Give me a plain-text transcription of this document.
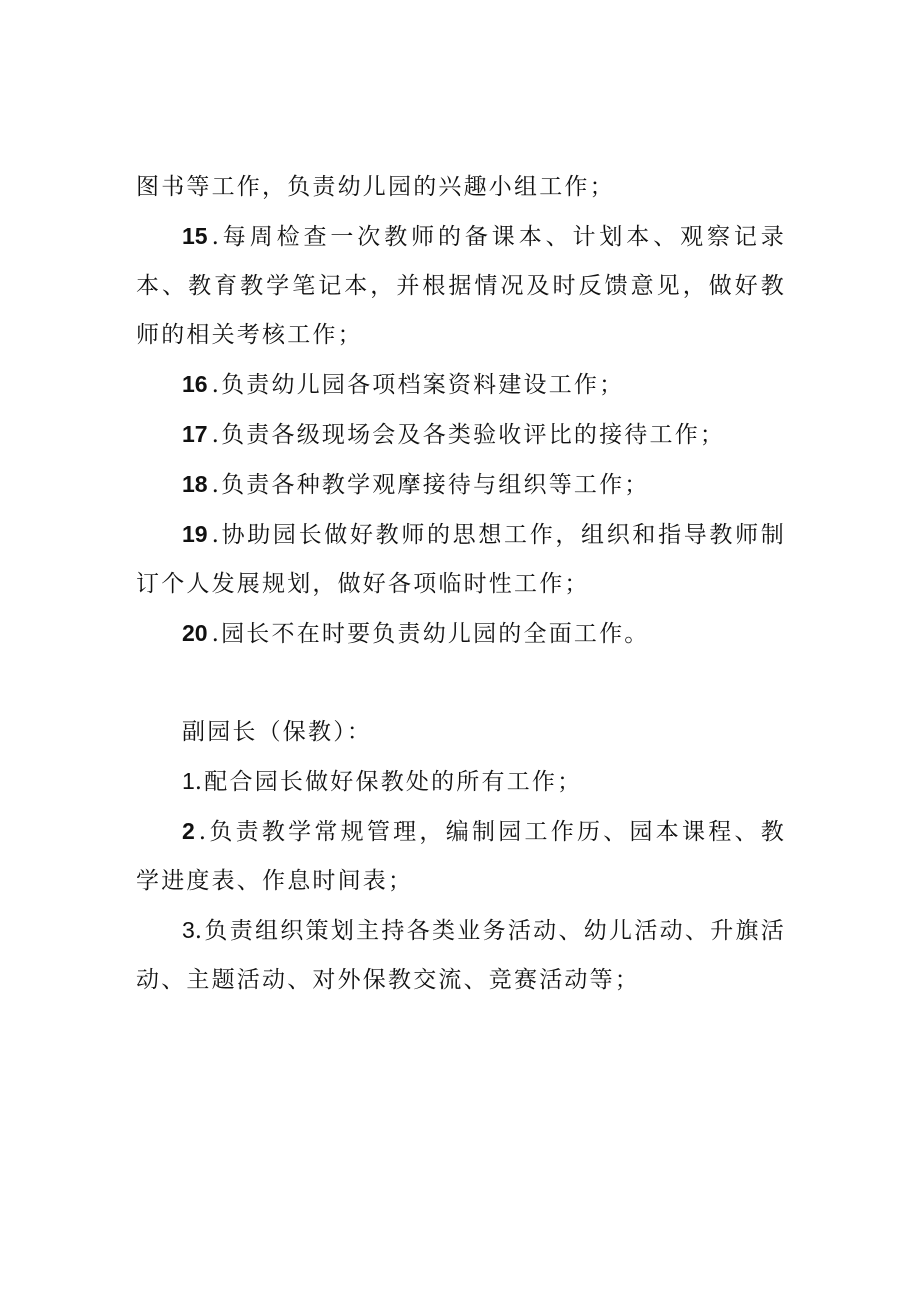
图书等工作，负责幼儿园的兴趣小组工作；

15 .每周检查一次教师的备课本、计划本、观察记录本、教育教学笔记本，并根据情况及时反馈意见，做好教师的相关考核工作；

16 .负责幼儿园各项档案资料建设工作；

17 .负责各级现场会及各类验收评比的接待工作；

18 .负责各种教学观摩接待与组织等工作；

19 .协助园长做好教师的思想工作，组织和指导教师制订个人发展规划，做好各项临时性工作；

20 .园长不在时要负责幼儿园的全面工作。

副园长（保教）：

1.配合园长做好保教处的所有工作；

2 .负责教学常规管理，编制园工作历、园本课程、教学进度表、作息时间表；

3.负责组织策划主持各类业务活动、幼儿活动、升旗活动、主题活动、对外保教交流、竞赛活动等；
